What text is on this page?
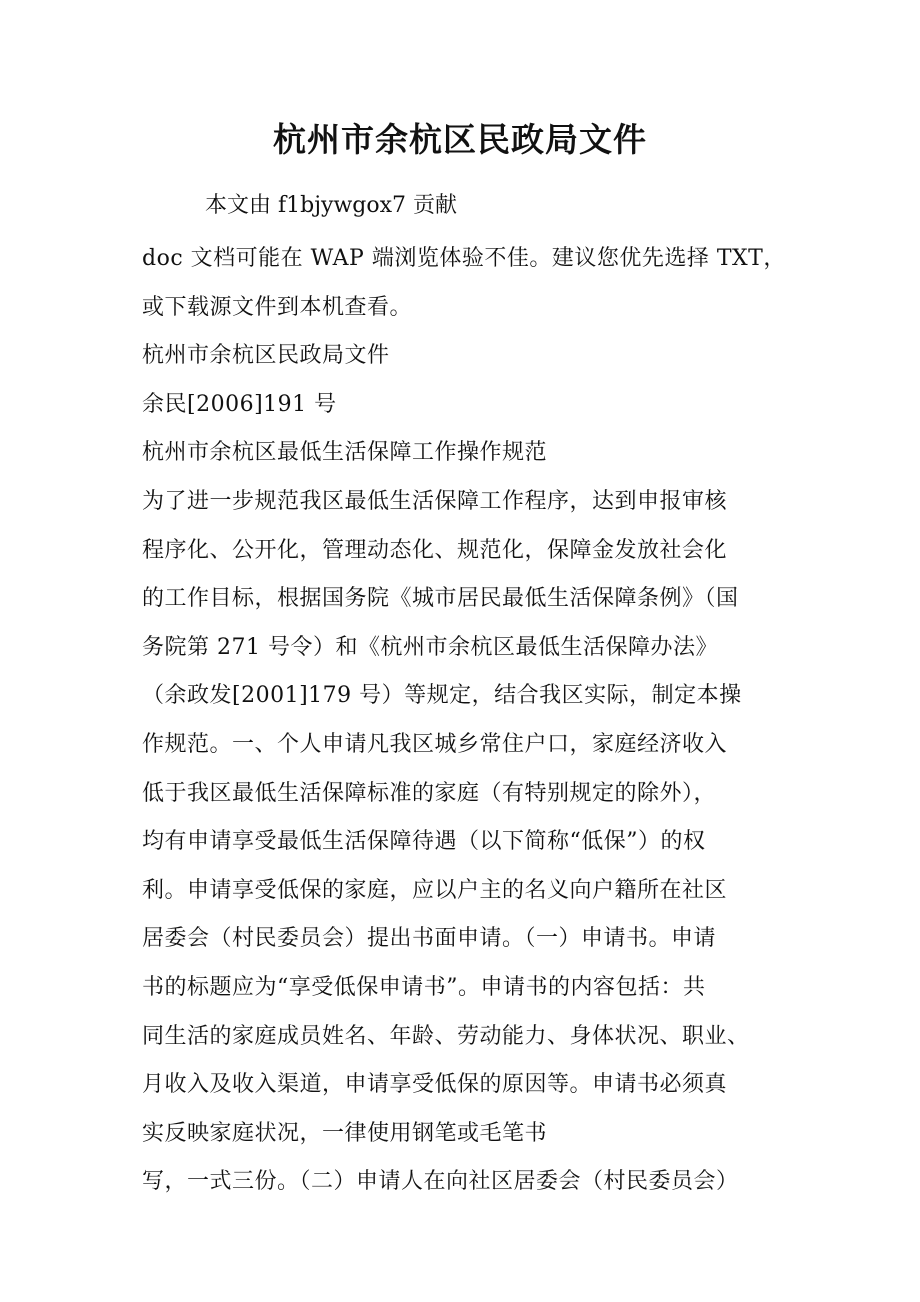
杭州市余杭区民政局文件
本文由 f1bjywgox7 贡献
doc 文档可能在 WAP 端浏览体验不佳。建议您优先选择 TXT，
或下载源文件到本机查看。
杭州市余杭区民政局文件
余民[2006]191 号
杭州市余杭区最低生活保障工作操作规范
为了进一步规范我区最低生活保障工作程序，达到申报审核
程序化、公开化，管理动态化、规范化，保障金发放社会化
的工作目标，根据国务院《城市居民最低生活保障条例》（国
务院第 271 号令）和《杭州市余杭区最低生活保障办法》
（余政发[2001]179 号）等规定，结合我区实际，制定本操
作规范。一、个人申请凡我区城乡常住户口，家庭经济收入
低于我区最低生活保障标准的家庭（有特别规定的除外），
均有申请享受最低生活保障待遇（以下简称“低保”）的权
利。申请享受低保的家庭，应以户主的名义向户籍所在社区
居委会（村民委员会）提出书面申请。（一）申请书。申请
书的标题应为“享受低保申请书”。申请书的内容包括：共
同生活的家庭成员姓名、年龄、劳动能力、身体状况、职业、
月收入及收入渠道，申请享受低保的原因等。申请书必须真
实反映家庭状况，一律使用钢笔或毛笔书
写，一式三份。（二）申请人在向社区居委会（村民委员会）
